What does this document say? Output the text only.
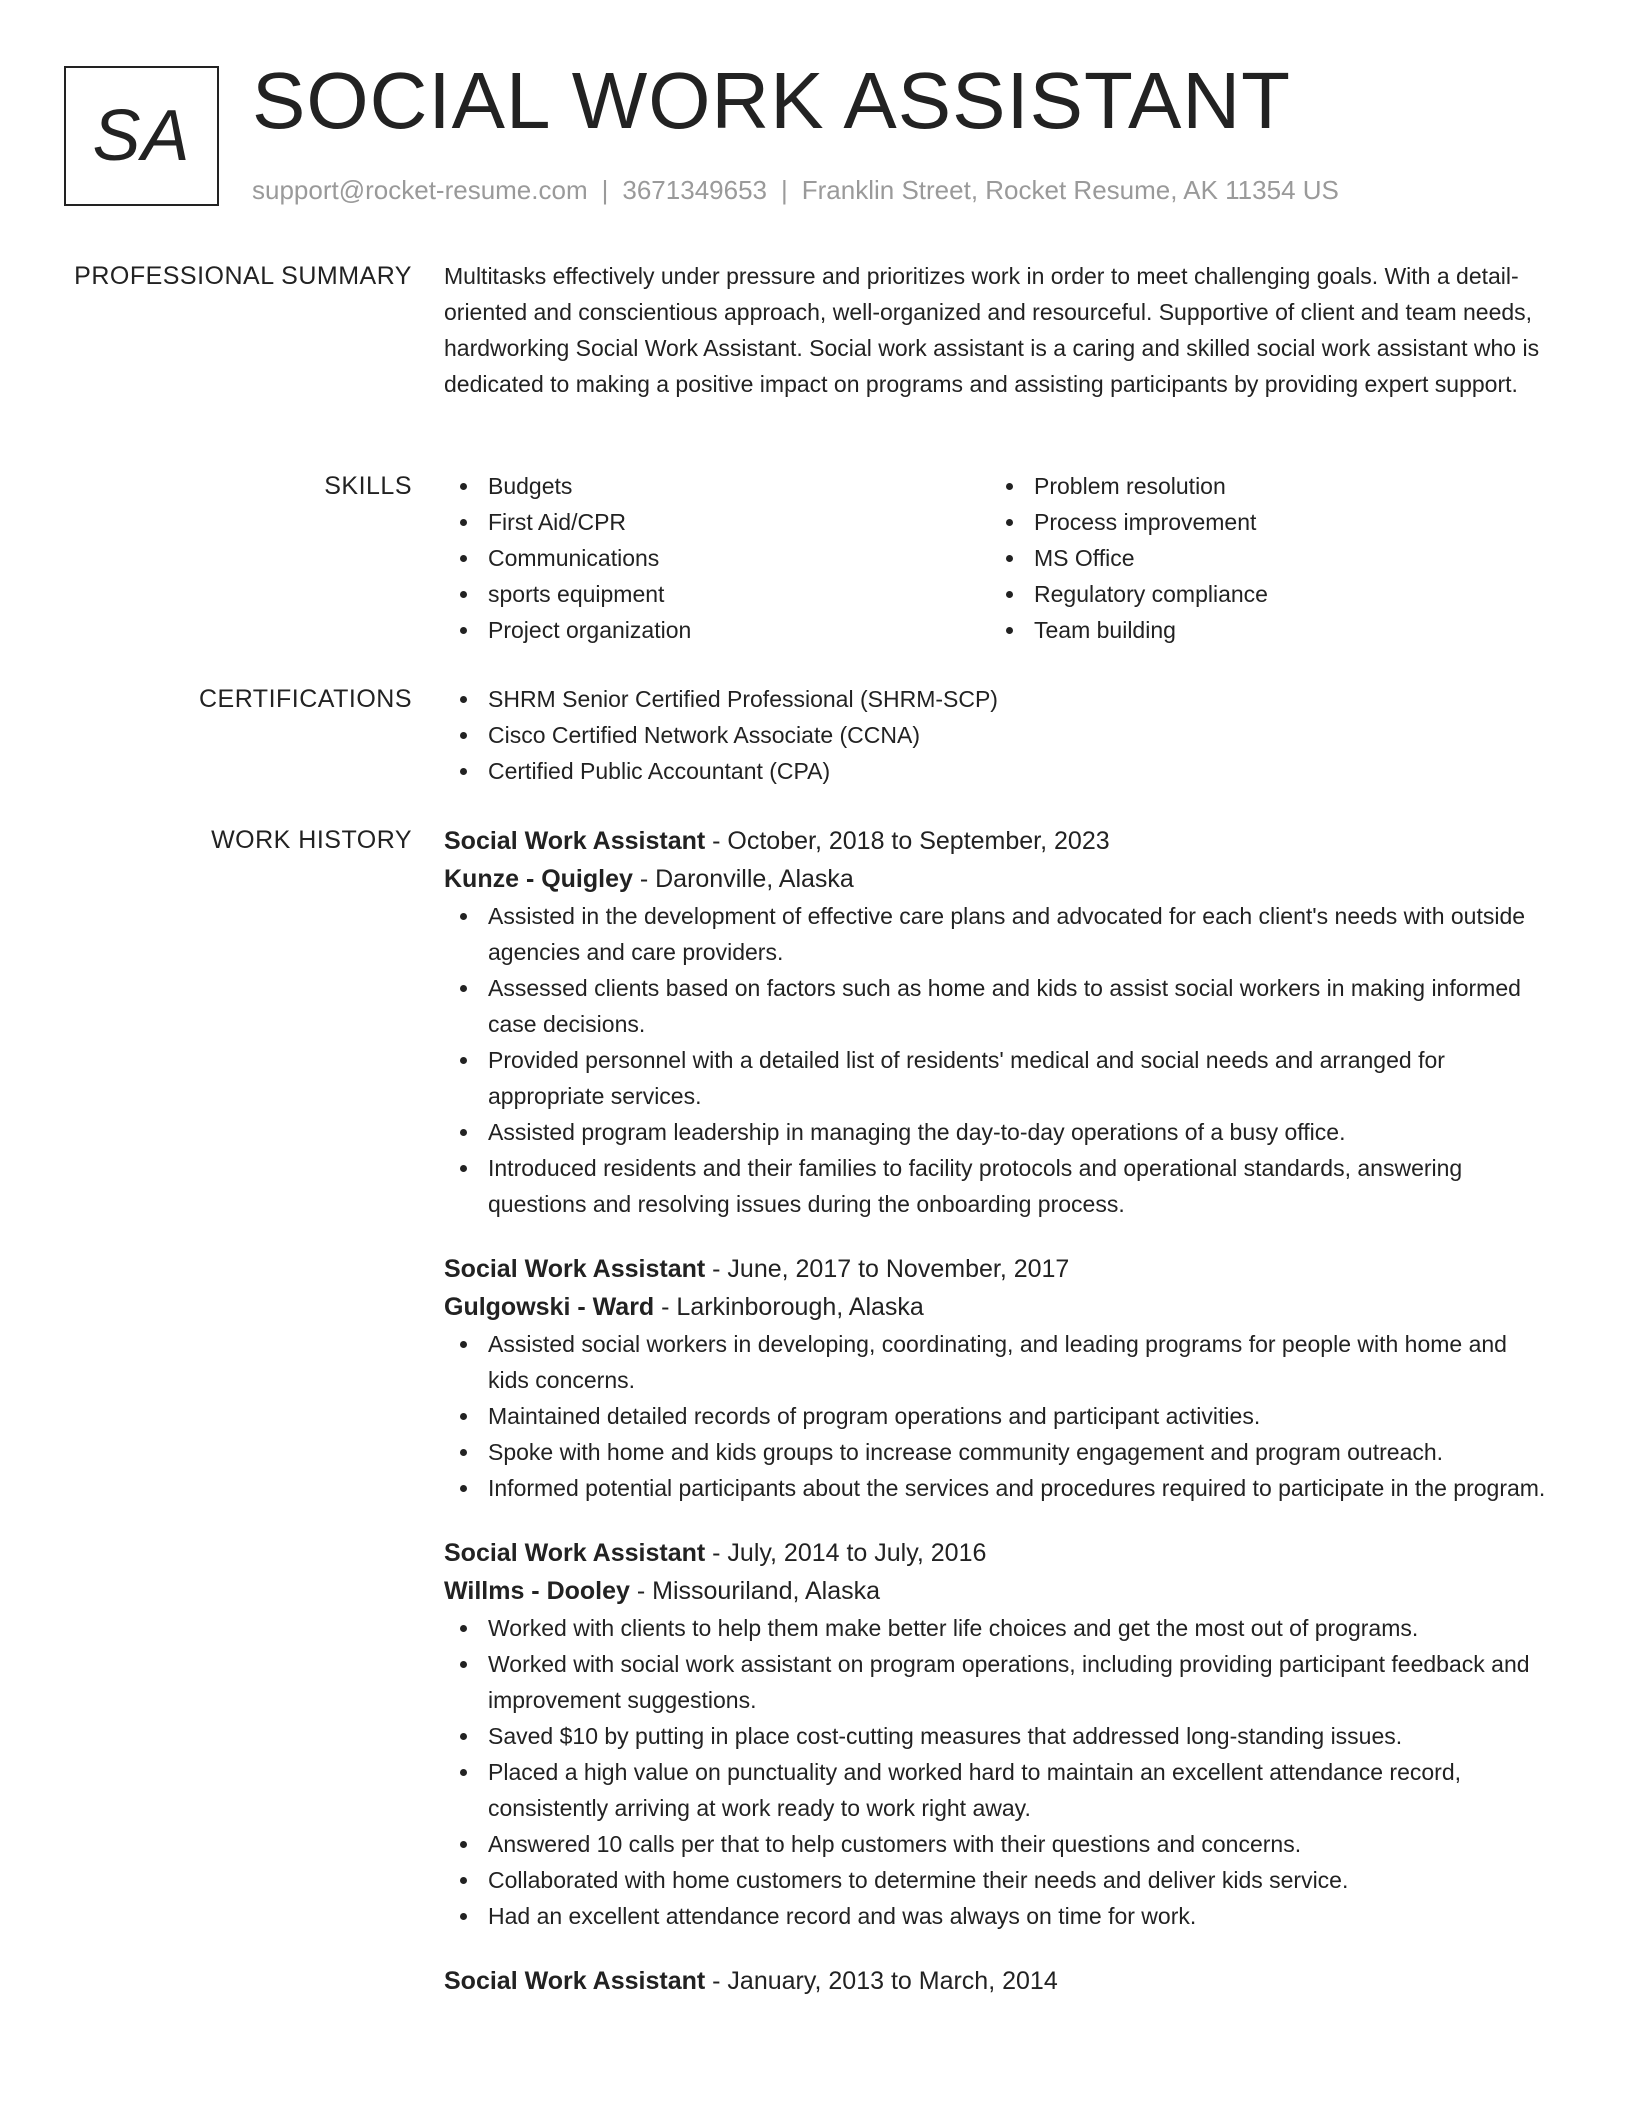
SA SOCIAL WORK ASSISTANT
support@rocket-resume.com | 3671349653 | Franklin Street, Rocket Resume, AK 11354 US
PROFESSIONAL SUMMARY Multitasks effectively under pressure and prioritizes work in order to meet challenging goals. With a detail-oriented and conscientious approach, well-organized and resourceful. Supportive of client and team needs, hardworking Social Work Assistant. Social work assistant is a caring and skilled social work assistant who is dedicated to making a positive impact on programs and assisting participants by providing expert support.

SKILLS	Budgets
First Aid/CPR
Communications
sports equipment
Project organization
Problem resolution
Process improvement
MS Office
Regulatory compliance
Team building
CERTIFICATIONS	SHRM Senior Certified Professional (SHRM-SCP)
Cisco Certified Network Associate (CCNA)
Certified Public Accountant (CPA)
WORK HISTORY Social Work Assistant - October, 2018 to September, 2023
Kunze - Quigley - Daronville, Alaska
Assisted in the development of effective care plans and advocated for each client's needs with outside agencies and care providers.
Assessed clients based on factors such as home and kids to assist social workers in making informed case decisions.
Provided personnel with a detailed list of residents' medical and social needs and arranged for appropriate services.
Assisted program leadership in managing the day-to-day operations of a busy office.
Introduced residents and their families to facility protocols and operational standards, answering questions and resolving issues during the onboarding process.
Social Work Assistant - June, 2017 to November, 2017
Gulgowski - Ward - Larkinborough, Alaska
Assisted social workers in developing, coordinating, and leading programs for people with home and kids concerns.
Maintained detailed records of program operations and participant activities.
Spoke with home and kids groups to increase community engagement and program outreach.
Informed potential participants about the services and procedures required to participate in the program.
Social Work Assistant - July, 2014 to July, 2016
Willms - Dooley - Missouriland, Alaska
Worked with clients to help them make better life choices and get the most out of programs.
Worked with social work assistant on program operations, including providing participant feedback and improvement suggestions.
Saved $10 by putting in place cost-cutting measures that addressed long-standing issues.
Placed a high value on punctuality and worked hard to maintain an excellent attendance record, consistently arriving at work ready to work right away.
Answered 10 calls per that to help customers with their questions and concerns.
Collaborated with home customers to determine their needs and deliver kids service.
Had an excellent attendance record and was always on time for work.
Social Work Assistant - January, 2013 to March, 2014
